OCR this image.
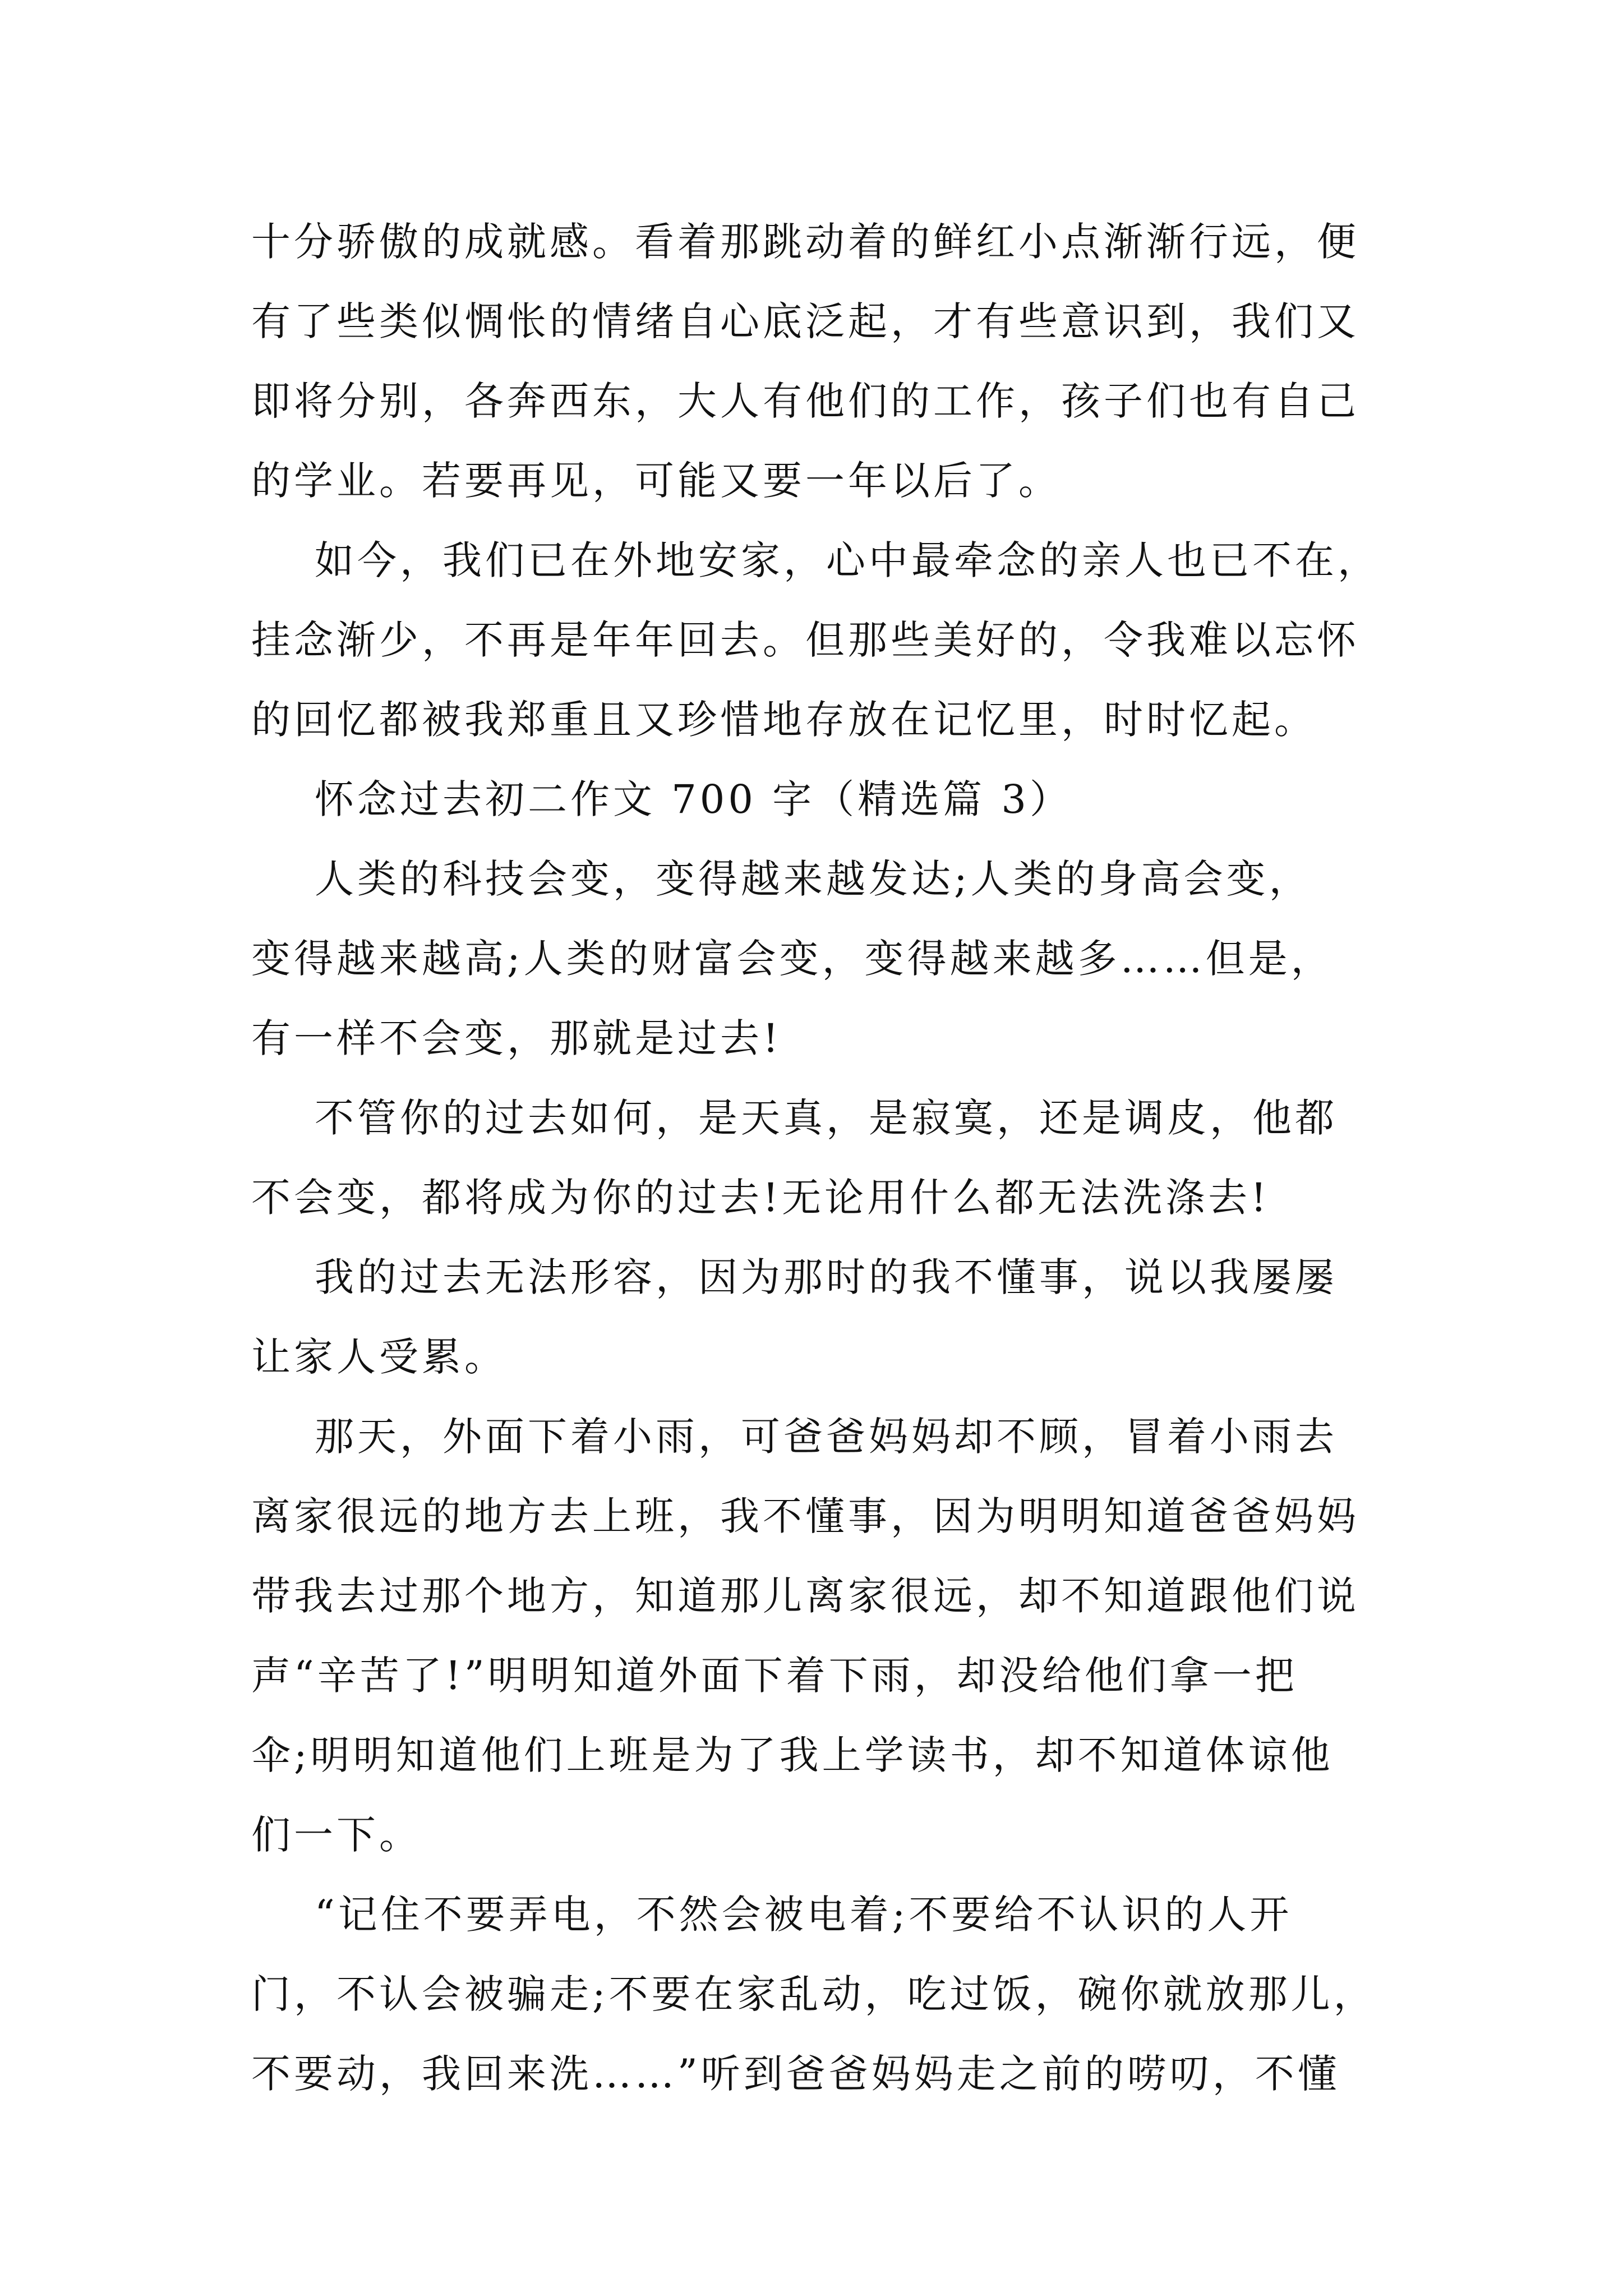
十分骄傲的成就感。看着那跳动着的鲜红小点渐渐行远，便
有了些类似惆怅的情绪自心底泛起，才有些意识到，我们又
即将分别，各奔西东，大人有他们的工作，孩子们也有自己
的学业。若要再见，可能又要一年以后了。
如今，我们已在外地安家，心中最牵念的亲人也已不在，
挂念渐少，不再是年年回去。但那些美好的，令我难以忘怀
的回忆都被我郑重且又珍惜地存放在记忆里，时时忆起。
怀念过去初二作文 700 字（精选篇 3）
人类的科技会变，变得越来越发达;人类的身高会变，
变得越来越高;人类的财富会变，变得越来越多……但是，
有一样不会变，那就是过去!
不管你的过去如何，是天真，是寂寞，还是调皮，他都
不会变，都将成为你的过去!无论用什么都无法洗涤去!
我的过去无法形容，因为那时的我不懂事，说以我屡屡
让家人受累。
那天，外面下着小雨，可爸爸妈妈却不顾，冒着小雨去
离家很远的地方去上班，我不懂事，因为明明知道爸爸妈妈
带我去过那个地方，知道那儿离家很远，却不知道跟他们说
声“辛苦了!”明明知道外面下着下雨，却没给他们拿一把
伞;明明知道他们上班是为了我上学读书，却不知道体谅他
们一下。
“记住不要弄电，不然会被电着;不要给不认识的人开
门，不认会被骗走;不要在家乱动，吃过饭，碗你就放那儿，
不要动，我回来洗……”听到爸爸妈妈走之前的唠叨，不懂
